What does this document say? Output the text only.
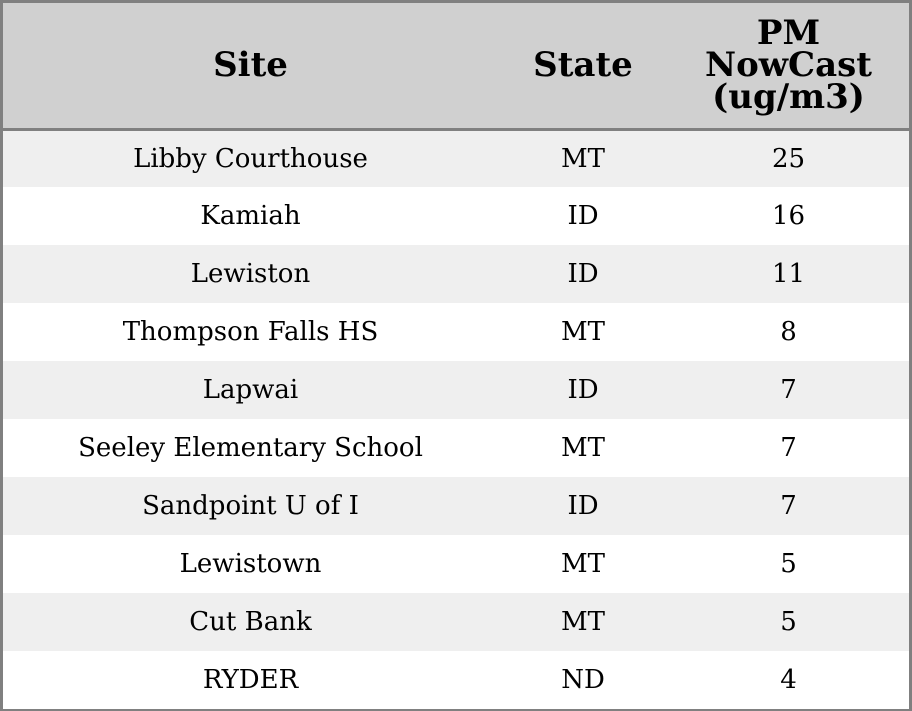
Site	State	PM
NowCast
(ug/m3)

Libby Courthouse	MT	25
Kamiah	ID	16
Lewiston	ID	11
Thompson Falls HS	MT	8
Lapwai	ID	7
Seeley Elementary School	MT	7
Sandpoint U of I	ID	7
Lewistown	MT	5
Cut Bank	MT	5
RYDER	ND	4
